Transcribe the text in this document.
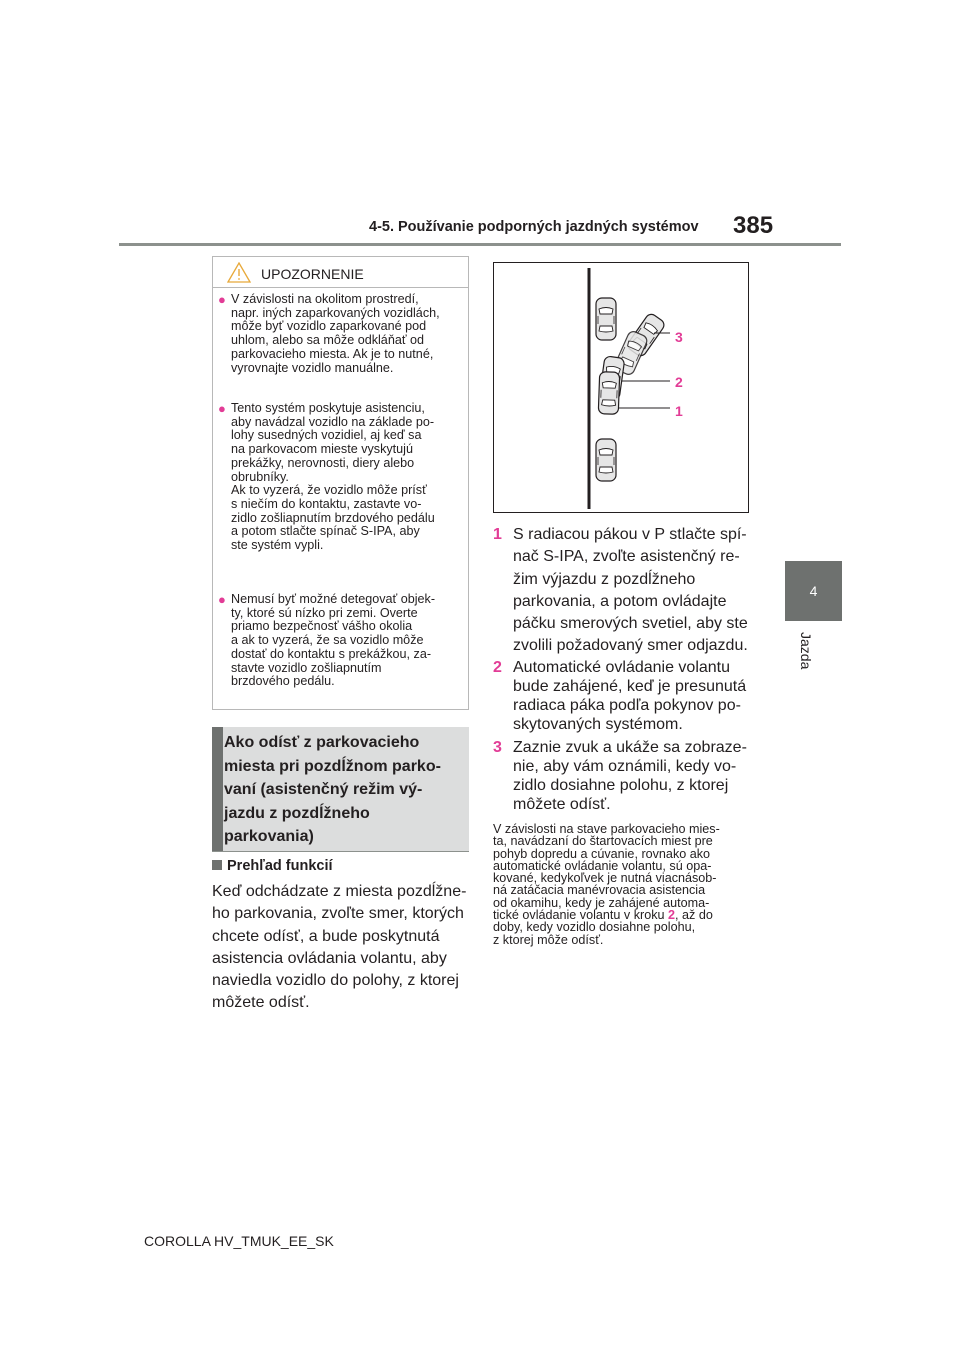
4-5. Používanie podporných jazdných systémov 385
4
Jazda
UPOZORNENIE
● V závislosti na okolitom prostredí,
napr. iných zaparkovaných vozidlách,
môže byť vozidlo zaparkované pod
uhlom, alebo sa môže odkláňať od
parkovacieho miesta. Ak je to nutné,
vyrovnajte vozidlo manuálne.
● Tento systém poskytuje asistenciu,
aby navádzal vozidlo na základe po-
lohy susedných vozidiel, aj keď sa
na parkovacom mieste vyskytujú
prekážky, nerovnosti, diery alebo
obrubníky.
Ak to vyzerá, že vozidlo môže prísť
s niečím do kontaktu, zastavte vo-
zidlo zošliapnutím brzdového pedálu
a potom stlačte spínač S-IPA, aby
ste systém vypli.
● Nemusí byť možné detegovať objek-
ty, ktoré sú nízko pri zemi. Overte
priamo bezpečnosť vášho okolia
a ak to vyzerá, že sa vozidlo môže
dostať do kontaktu s prekážkou, za-
stavte vozidlo zošliapnutím
brzdového pedálu.
Ako odísť z parkovacieho
miesta pri pozdĺžnom parko-
vaní (asistenčný režim vý-
jazdu z pozdĺžneho
parkovania)
Prehľad funkcií
Keď odchádzate z miesta pozdĺžne-
ho parkovania, zvoľte smer, ktorých
chcete odísť, a bude poskytnutá
asistencia ovládania volantu, aby
naviedla vozidlo do polohy, z ktorej
môžete odísť.
3
2
1
1 S radiacou pákou v P stlačte spí-
nač S-IPA, zvoľte asistenčný re-
žim výjazdu z pozdĺžneho
parkovania, a potom ovládajte
páčku smerových svetiel, aby ste
zvolili požadovaný smer odjazdu.
2 Automatické ovládanie volantu
bude zahájené, keď je presunutá
radiaca páka podľa pokynov po-
skytovaných systémom.
3 Zaznie zvuk a ukáže sa zobraze-
nie, aby vám oznámili, kedy vo-
zidlo dosiahne polohu, z ktorej
môžete odísť.
V závislosti na stave parkovacieho mies-
ta, navádzaní do štartovacích miest pre
pohyb dopredu a cúvanie, rovnako ako
automatické ovládanie volantu, sú opa-
kované, kedykoľvek je nutná viacnásob-
ná zatáčacia manévrovacia asistencia
od okamihu, kedy je zahájené automa-
tické ovládanie volantu v kroku 2, až do
doby, kedy vozidlo dosiahne polohu,
z ktorej môže odísť.
COROLLA HV_TMUK_EE_SK
